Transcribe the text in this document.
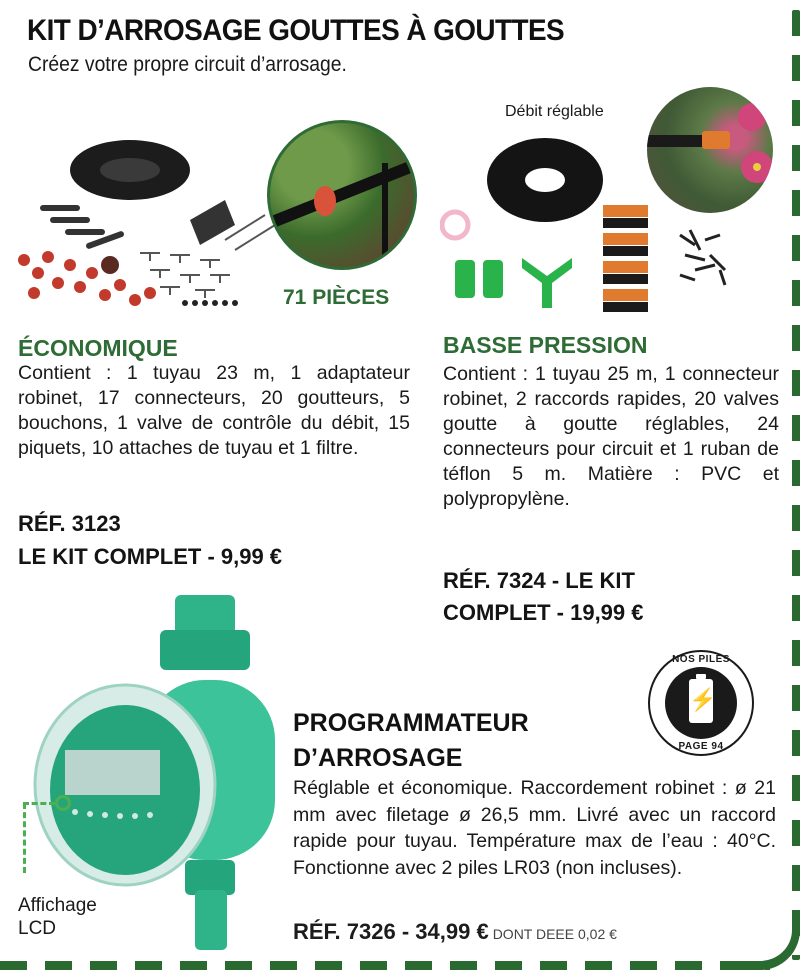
KIT D’ARROSAGE GOUTTES À GOUTTES
Créez votre propre circuit d’arrosage.
71 PIÈCES
ÉCONOMIQUE
Contient : 1 tuyau 23 m, 1 adaptateur robinet, 17 connecteurs, 20 goutteurs, 5 bouchons, 1 valve de contrôle du débit, 15 piquets, 10 attaches de tuyau et 1 filtre.
RÉF. 3123
LE KIT COMPLET - 9,99 €
Débit réglable
BASSE PRESSION
Contient : 1 tuyau 25 m, 1 connecteur robinet, 2 raccords rapides, 20 valves goutte à goutte réglables, 24 connecteurs pour circuit et 1 ruban de téflon 5 m. Matière : PVC et polypropylène.
RÉF. 7324 - LE KIT
COMPLET - 19,99 €
Affichage
LCD
PROGRAMMATEUR
D’ARROSAGE
Réglable et économique. Raccordement robinet : ø 21 mm avec filetage ø 26,5 mm. Livré avec un raccord rapide pour tuyau. Température max de l’eau : 40°C. Fonctionne avec 2 piles LR03 (non incluses).
RÉF. 7326 - 34,99 € DONT DEEE 0,02 €
NOS PILES
⚡
PAGE 94
